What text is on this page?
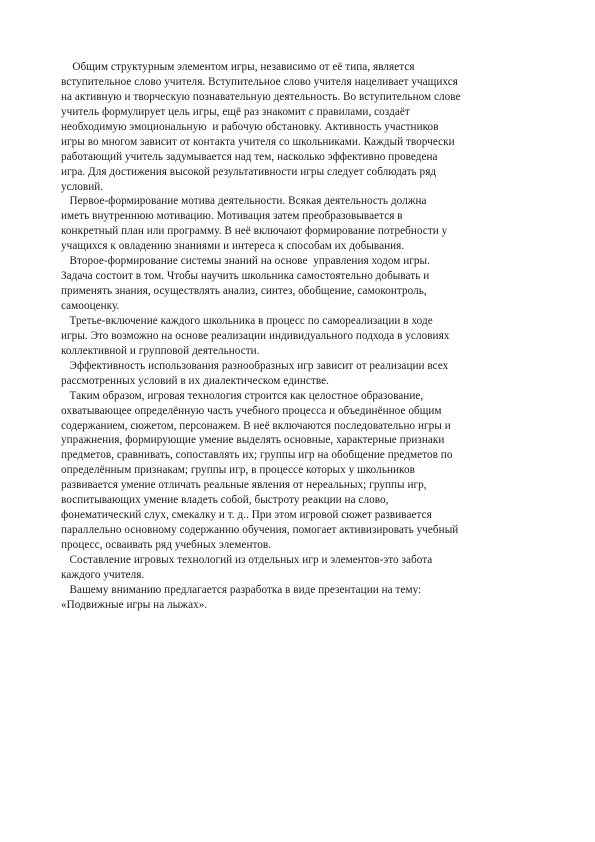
Общим структурным элементом игры, независимо от её типа, является
вступительное слово учителя. Вступительное слово учителя нацеливает учащихся
на активную и творческую познавательную деятельность. Во вступительном слове
учитель формулирует цель игры, ещё раз знакомит с правилами, создаёт
необходимую эмоциональную  и рабочую обстановку. Активность участников
игры во многом зависит от контакта учителя со школьниками. Каждый творчески
работающий учитель задумывается над тем, насколько эффективно проведена
игра. Для достижения высокой результативности игры следует соблюдать ряд
условий.
Первое-формирование мотива деятельности. Всякая деятельность должна
иметь внутреннюю мотивацию. Мотивация затем преобразовывается в
конкретный план или программу. В неё включают формирование потребности у
учащихся к овладению знаниями и интереса к способам их добывания.
Второе-формирование системы знаний на основе  управления ходом игры.
Задача состоит в том. Чтобы научить школьника самостоятельно добывать и
применять знания, осуществлять анализ, синтез, обобщение, самоконтроль,
самооценку.
Третье-включение каждого школьника в процесс по самореализации в ходе
игры. Это возможно на основе реализации индивидуального подхода в условиях
коллективной и групповой деятельности.
Эффективность использования разнообразных игр зависит от реализации всех
рассмотренных условий в их диалектическом единстве.
Таким образом, игровая технология строится как целостное образование,
охватывающее определённую часть учебного процесса и объединённое общим
содержанием, сюжетом, персонажем. В неё включаются последовательно игры и
упражнения, формирующие умение выделять основные, характерные признаки
предметов, сравнивать, сопоставлять их; группы игр на обобщение предметов по
определённым признакам; группы игр, в процессе которых у школьников
развивается умение отличать реальные явления от нереальных; группы игр,
воспитывающих умение владеть собой, быстроту реакции на слово,
фонематический слух, смекалку и т. д.. При этом игровой сюжет развивается
параллельно основному содержанию обучения, помогает активизировать учебный
процесс, осваивать ряд учебных элементов.
Составление игровых технологий из отдельных игр и элементов-это забота
каждого учителя.
Вашему вниманию предлагается разработка в виде презентации на тему:
«Подвижные игры на лыжах».
